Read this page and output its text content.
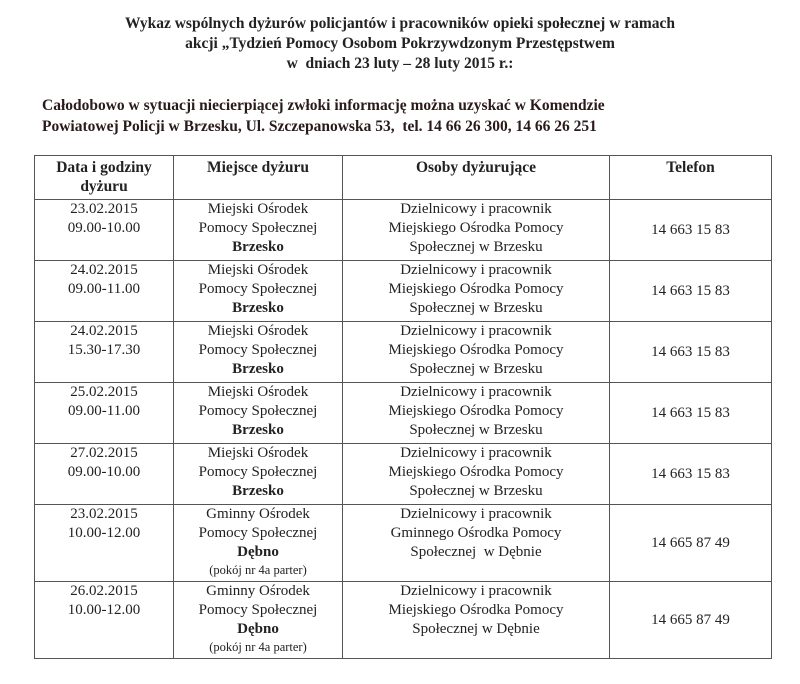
Wykaz wspólnych dyżurów policjantów i pracowników opieki społecznej w ramach
akcji „Tydzień Pomocy Osobom Pokrzywdzonym Przestępstwem
w  dniach 23 luty – 28 luty 2015 r.:
Całodobowo w sytuacji niecierpiącej zwłoki informację można uzyskać w Komendzie
Powiatowej Policji w Brzesku, Ul. Szczepanowska 53,  tel. 14 66 26 300, 14 66 26 251
Data i godziny dyżuru	Miejsce dyżuru	Osoby dyżurujące	Telefon

23.02.2015
09.00-10.00	Miejski Ośrodek
Pomocy Społecznej
Brzesko	Dzielnicowy i pracownik
Miejskiego Ośrodka Pomocy
Społecznej w Brzesku	14 663 15 83

24.02.2015
09.00-11.00	Miejski Ośrodek
Pomocy Społecznej
Brzesko	Dzielnicowy i pracownik
Miejskiego Ośrodka Pomocy
Społecznej w Brzesku	14 663 15 83

24.02.2015
15.30-17.30	Miejski Ośrodek
Pomocy Społecznej
Brzesko	Dzielnicowy i pracownik
Miejskiego Ośrodka Pomocy
Społecznej w Brzesku	14 663 15 83

25.02.2015
09.00-11.00	Miejski Ośrodek
Pomocy Społecznej
Brzesko	Dzielnicowy i pracownik
Miejskiego Ośrodka Pomocy
Społecznej w Brzesku	14 663 15 83

27.02.2015
09.00-10.00	Miejski Ośrodek
Pomocy Społecznej
Brzesko	Dzielnicowy i pracownik
Miejskiego Ośrodka Pomocy
Społecznej w Brzesku	14 663 15 83

23.02.2015
10.00-12.00	Gminny Ośrodek
Pomocy Społecznej
Dębno
(pokój nr 4a parter)	Dzielnicowy i pracownik
Gminnego Ośrodka Pomocy
Społecznej  w Dębnie	14 665 87 49

26.02.2015
10.00-12.00	Gminny Ośrodek
Pomocy Społecznej
Dębno
(pokój nr 4a parter)	Dzielnicowy i pracownik
Miejskiego Ośrodka Pomocy
Społecznej w Dębnie	14 665 87 49
